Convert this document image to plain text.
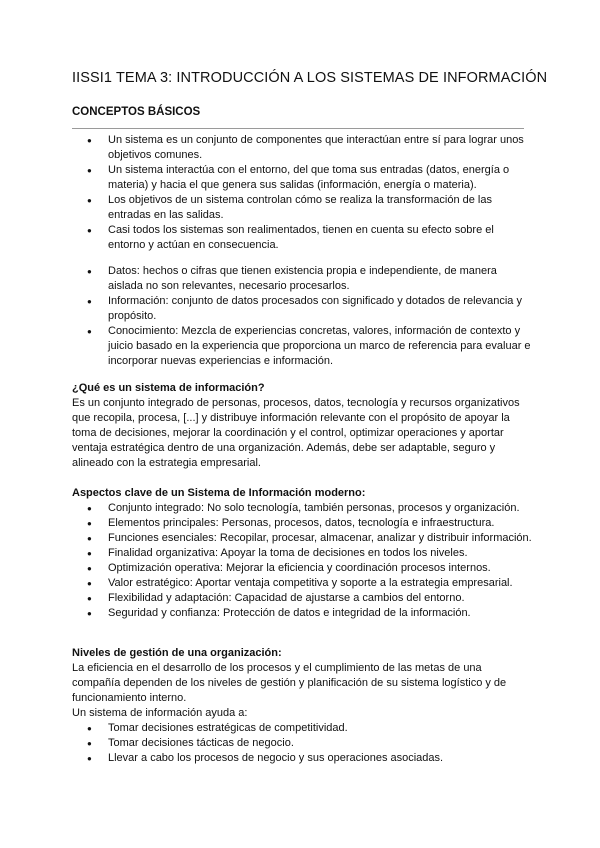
IISSI1 TEMA 3: INTRODUCCIÓN A LOS SISTEMAS DE INFORMACIÓN
CONCEPTOS BÁSICOS
● Un sistema es un conjunto de componentes que interactúan entre sí para lograr unos objetivos comunes.
● Un sistema interactúa con el entorno, del que toma sus entradas (datos, energía o materia) y hacia el que genera sus salidas (información, energía o materia).
● Los objetivos de un sistema controlan cómo se realiza la transformación de las entradas en las salidas.
● Casi todos los sistemas son realimentados, tienen en cuenta su efecto sobre el entorno y actúan en consecuencia.
● Datos: hechos o cifras que tienen existencia propia e independiente, de manera aislada no son relevantes, necesario procesarlos.
● Información: conjunto de datos procesados con significado y dotados de relevancia y propósito.
● Conocimiento: Mezcla de experiencias concretas, valores, información de contexto y juicio basado en la experiencia que proporciona un marco de referencia para evaluar e incorporar nuevas experiencias e información.
¿Qué es un sistema de información?

Es un conjunto integrado de personas, procesos, datos, tecnología y recursos organizativos que recopila, procesa, [...] y distribuye información relevante con el propósito de apoyar la toma de decisiones, mejorar la coordinación y el control, optimizar operaciones y aportar ventaja estratégica dentro de una organización. Además, debe ser adaptable, seguro y alineado con la estrategia empresarial.

Aspectos clave de un Sistema de Información moderno:
● Conjunto integrado: No solo tecnología, también personas, procesos y organización.
● Elementos principales: Personas, procesos, datos, tecnología e infraestructura.
● Funciones esenciales: Recopilar, procesar, almacenar, analizar y distribuir información.
● Finalidad organizativa: Apoyar la toma de decisiones en todos los niveles.
● Optimización operativa: Mejorar la eficiencia y coordinación procesos internos.
● Valor estratégico: Aportar ventaja competitiva y soporte a la estrategia empresarial.
● Flexibilidad y adaptación: Capacidad de ajustarse a cambios del entorno.
● Seguridad y confianza: Protección de datos e integridad de la información.
Niveles de gestión de una organización:

La eficiencia en el desarrollo de los procesos y el cumplimiento de las metas de una compañía dependen de los niveles de gestión y planificación de su sistema logístico y de funcionamiento interno.

Un sistema de información ayuda a:

● Tomar decisiones estratégicas de competitividad.
● Tomar decisiones tácticas de negocio.
● Llevar a cabo los procesos de negocio y sus operaciones asociadas.
